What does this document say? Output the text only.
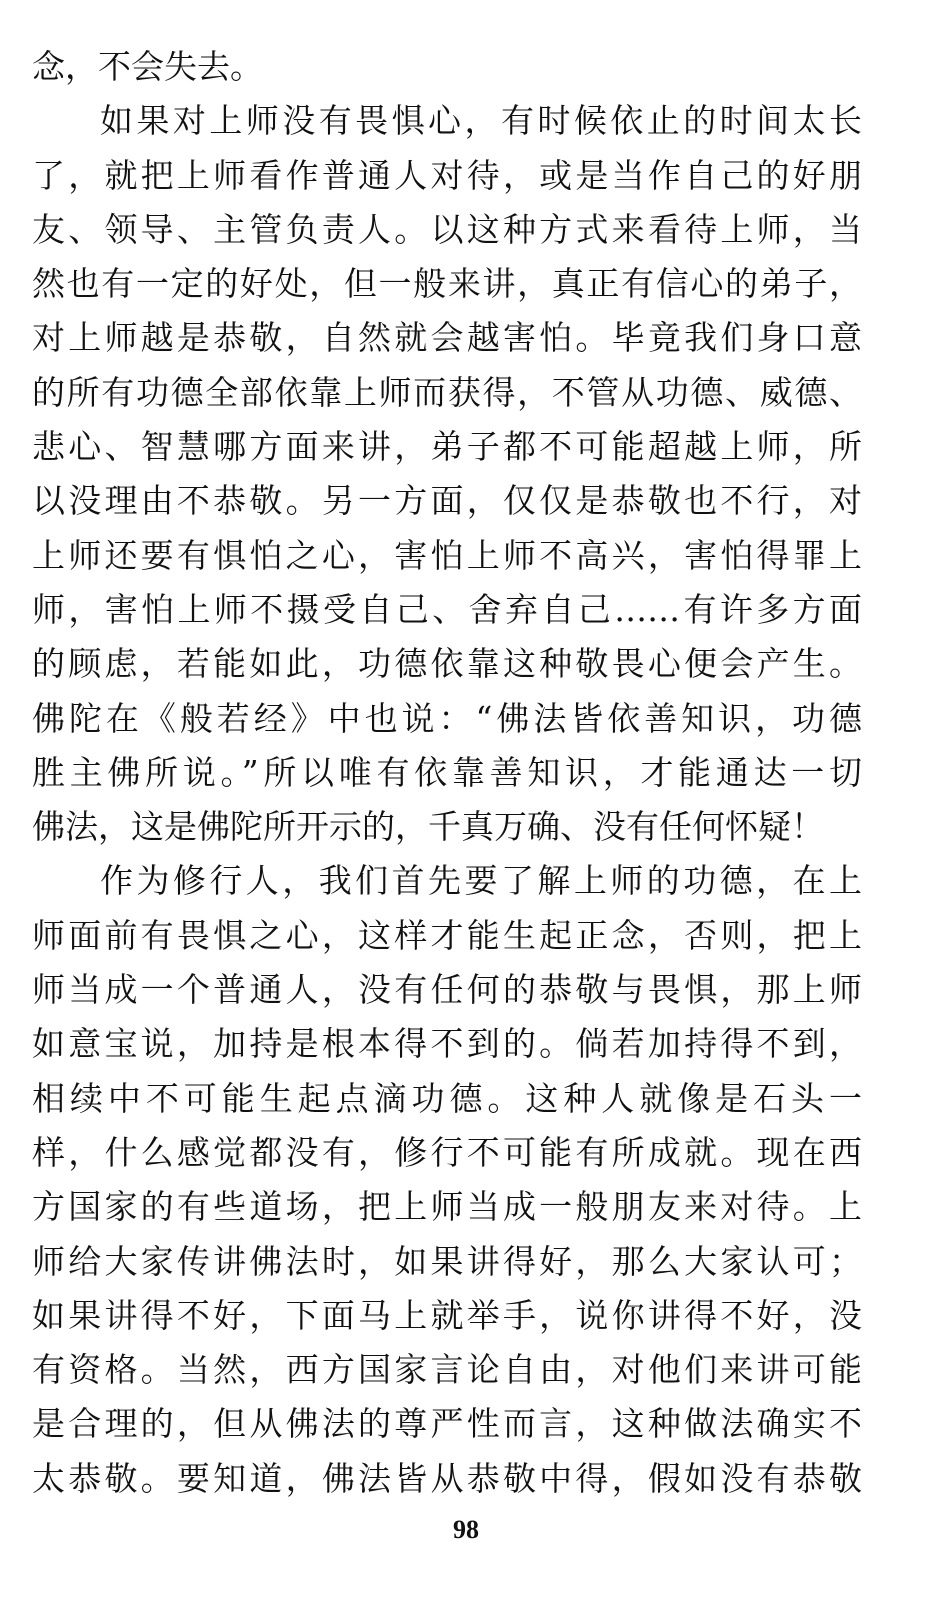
念，不会失去。
如果对上师没有畏惧心，有时候依止的时间太长
了，就把上师看作普通人对待，或是当作自己的好朋
友、领导、主管负责人。以这种方式来看待上师，当
然也有一定的好处，但一般来讲，真正有信心的弟子，
对上师越是恭敬，自然就会越害怕。毕竟我们身口意
的所有功德全部依靠上师而获得，不管从功德、威德、
悲心、智慧哪方面来讲，弟子都不可能超越上师，所
以没理由不恭敬。另一方面，仅仅是恭敬也不行，对
上师还要有惧怕之心，害怕上师不高兴，害怕得罪上
师，害怕上师不摄受自己、舍弃自己……有许多方面
的顾虑，若能如此，功德依靠这种敬畏心便会产生。
佛陀在《般若经》中也说：“佛法皆依善知识，功德
胜主佛所说。”所以唯有依靠善知识，才能通达一切
佛法，这是佛陀所开示的，千真万确、没有任何怀疑！
作为修行人，我们首先要了解上师的功德，在上
师面前有畏惧之心，这样才能生起正念，否则，把上
师当成一个普通人，没有任何的恭敬与畏惧，那上师
如意宝说，加持是根本得不到的。倘若加持得不到，
相续中不可能生起点滴功德。这种人就像是石头一
样，什么感觉都没有，修行不可能有所成就。现在西
方国家的有些道场，把上师当成一般朋友来对待。上
师给大家传讲佛法时，如果讲得好，那么大家认可；
如果讲得不好，下面马上就举手，说你讲得不好，没
有资格。当然，西方国家言论自由，对他们来讲可能
是合理的，但从佛法的尊严性而言，这种做法确实不
太恭敬。要知道，佛法皆从恭敬中得，假如没有恭敬
98
